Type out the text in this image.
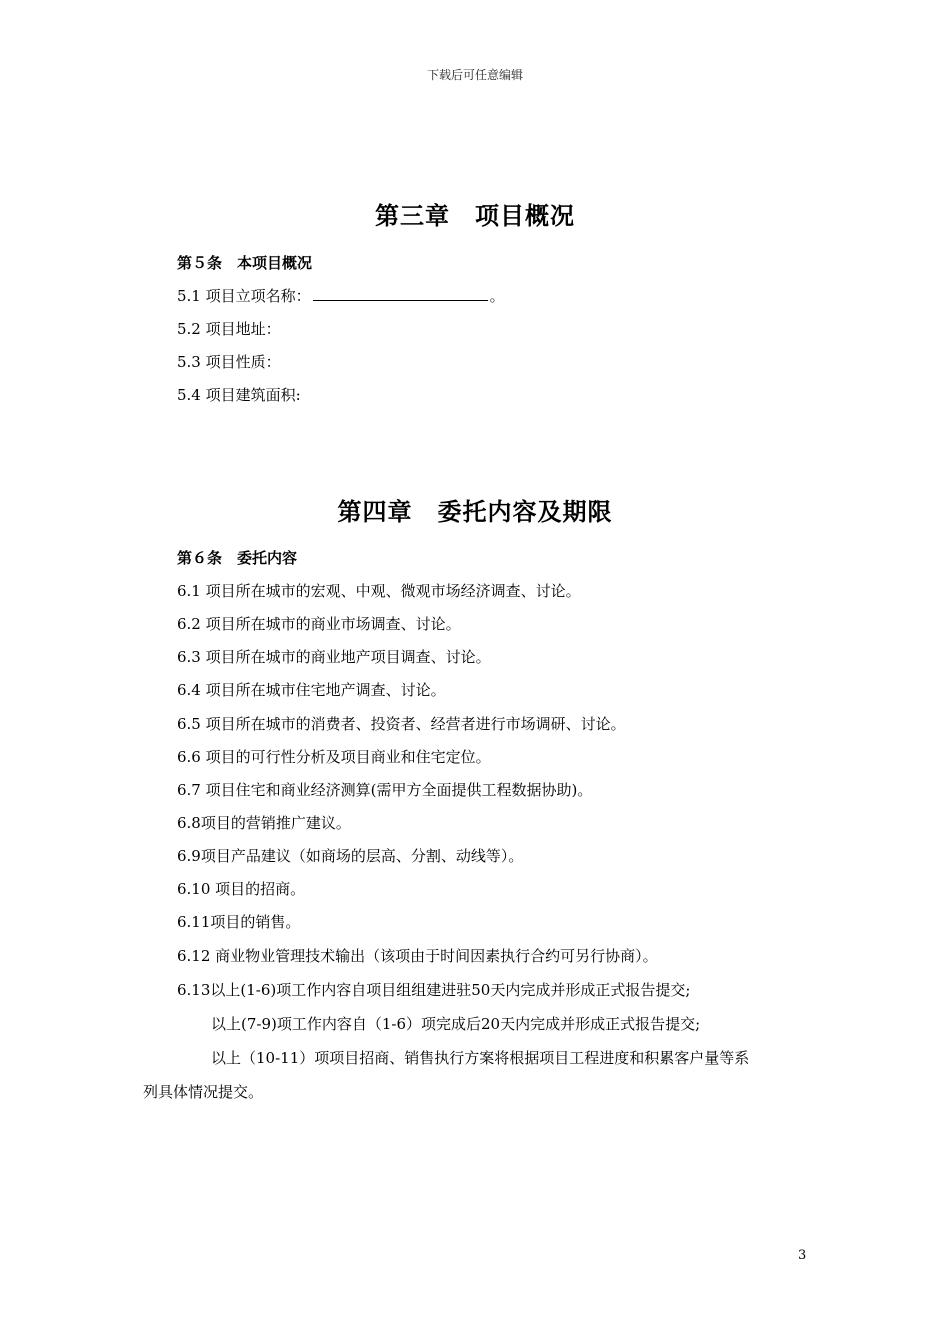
下载后可任意编辑
第三章　项目概况
第５条　本项目概况
5.1 项目立项名称：	。
5.2 项目地址：
5.3 项目性质：
5.4 项目建筑面积:
第四章　委托内容及期限
第６条　委托内容
6.1 项目所在城市的宏观、中观、微观市场经济调查、讨论。
6.2 项目所在城市的商业市场调查、讨论。
6.3 项目所在城市的商业地产项目调查、讨论。
6.4 项目所在城市住宅地产调查、讨论。
6.5 项目所在城市的消费者、投资者、经营者进行市场调研、讨论。
6.6 项目的可行性分析及项目商业和住宅定位。
6.7 项目住宅和商业经济测算(需甲方全面提供工程数据协助)。
6.8项目的营销推广建议。
6.9项目产品建议（如商场的层高、分割、动线等）。
6.10 项目的招商。
6.11项目的销售。
6.12 商业物业管理技术输出（该项由于时间因素执行合约可另行协商）。
6.13以上(1-6)项工作内容自项目组组建进驻50天内完成并形成正式报告提交;
以上(7-9)项工作内容自（1-6）项完成后20天内完成并形成正式报告提交;
以上（10-11）项项目招商、销售执行方案将根据项目工程进度和积累客户量等系
列具体情况提交。
3
